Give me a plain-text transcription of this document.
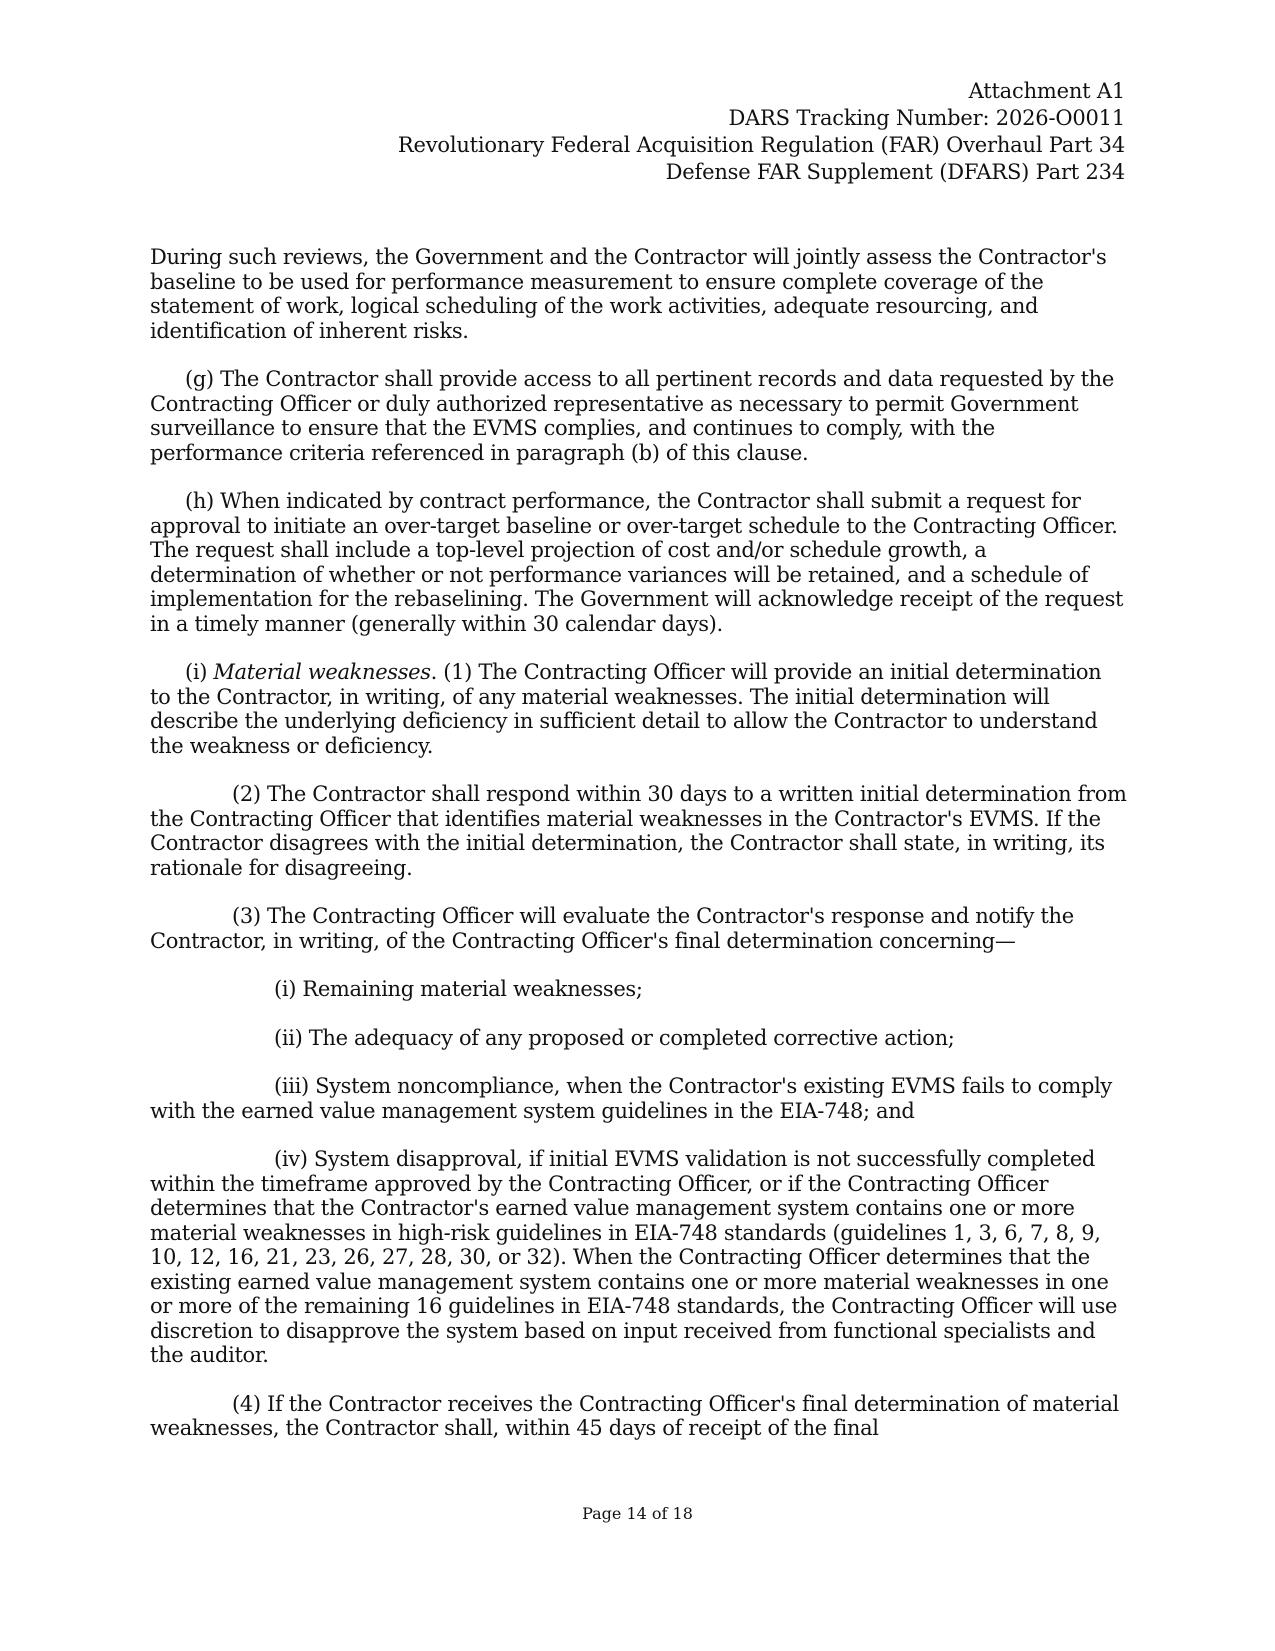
Attachment A1
DARS Tracking Number: 2026-O0011
Revolutionary Federal Acquisition Regulation (FAR) Overhaul Part 34
Defense FAR Supplement (DFARS) Part 234

During such reviews, the Government and the Contractor will jointly assess the Contractor's baseline to be used for performance measurement to ensure complete coverage of the statement of work, logical scheduling of the work activities, adequate resourcing, and identification of inherent risks.

(g) The Contractor shall provide access to all pertinent records and data requested by the Contracting Officer or duly authorized representative as necessary to permit Government surveillance to ensure that the EVMS complies, and continues to comply, with the performance criteria referenced in paragraph (b) of this clause.

(h) When indicated by contract performance, the Contractor shall submit a request for approval to initiate an over-target baseline or over-target schedule to the Contracting Officer. The request shall include a top-level projection of cost and/or schedule growth, a determination of whether or not performance variances will be retained, and a schedule of implementation for the rebaselining. The Government will acknowledge receipt of the request in a timely manner (generally within 30 calendar days).

(i) Material weaknesses. (1) The Contracting Officer will provide an initial determination to the Contractor, in writing, of any material weaknesses. The initial determination will describe the underlying deficiency in sufficient detail to allow the Contractor to understand the weakness or deficiency.

(2) The Contractor shall respond within 30 days to a written initial determination from the Contracting Officer that identifies material weaknesses in the Contractor's EVMS. If the Contractor disagrees with the initial determination, the Contractor shall state, in writing, its rationale for disagreeing.

(3) The Contracting Officer will evaluate the Contractor's response and notify the Contractor, in writing, of the Contracting Officer's final determination concerning—

(i) Remaining material weaknesses;

(ii) The adequacy of any proposed or completed corrective action;

(iii) System noncompliance, when the Contractor's existing EVMS fails to comply with the earned value management system guidelines in the EIA-748; and

(iv) System disapproval, if initial EVMS validation is not successfully completed within the timeframe approved by the Contracting Officer, or if the Contracting Officer determines that the Contractor's earned value management system contains one or more material weaknesses in high-risk guidelines in EIA-748 standards (guidelines 1, 3, 6, 7, 8, 9, 10, 12, 16, 21, 23, 26, 27, 28, 30, or 32). When the Contracting Officer determines that the existing earned value management system contains one or more material weaknesses in one or more of the remaining 16 guidelines in EIA-748 standards, the Contracting Officer will use discretion to disapprove the system based on input received from functional specialists and the auditor.

(4) If the Contractor receives the Contracting Officer's final determination of material weaknesses, the Contractor shall, within 45 days of receipt of the final

Page 14 of 18
